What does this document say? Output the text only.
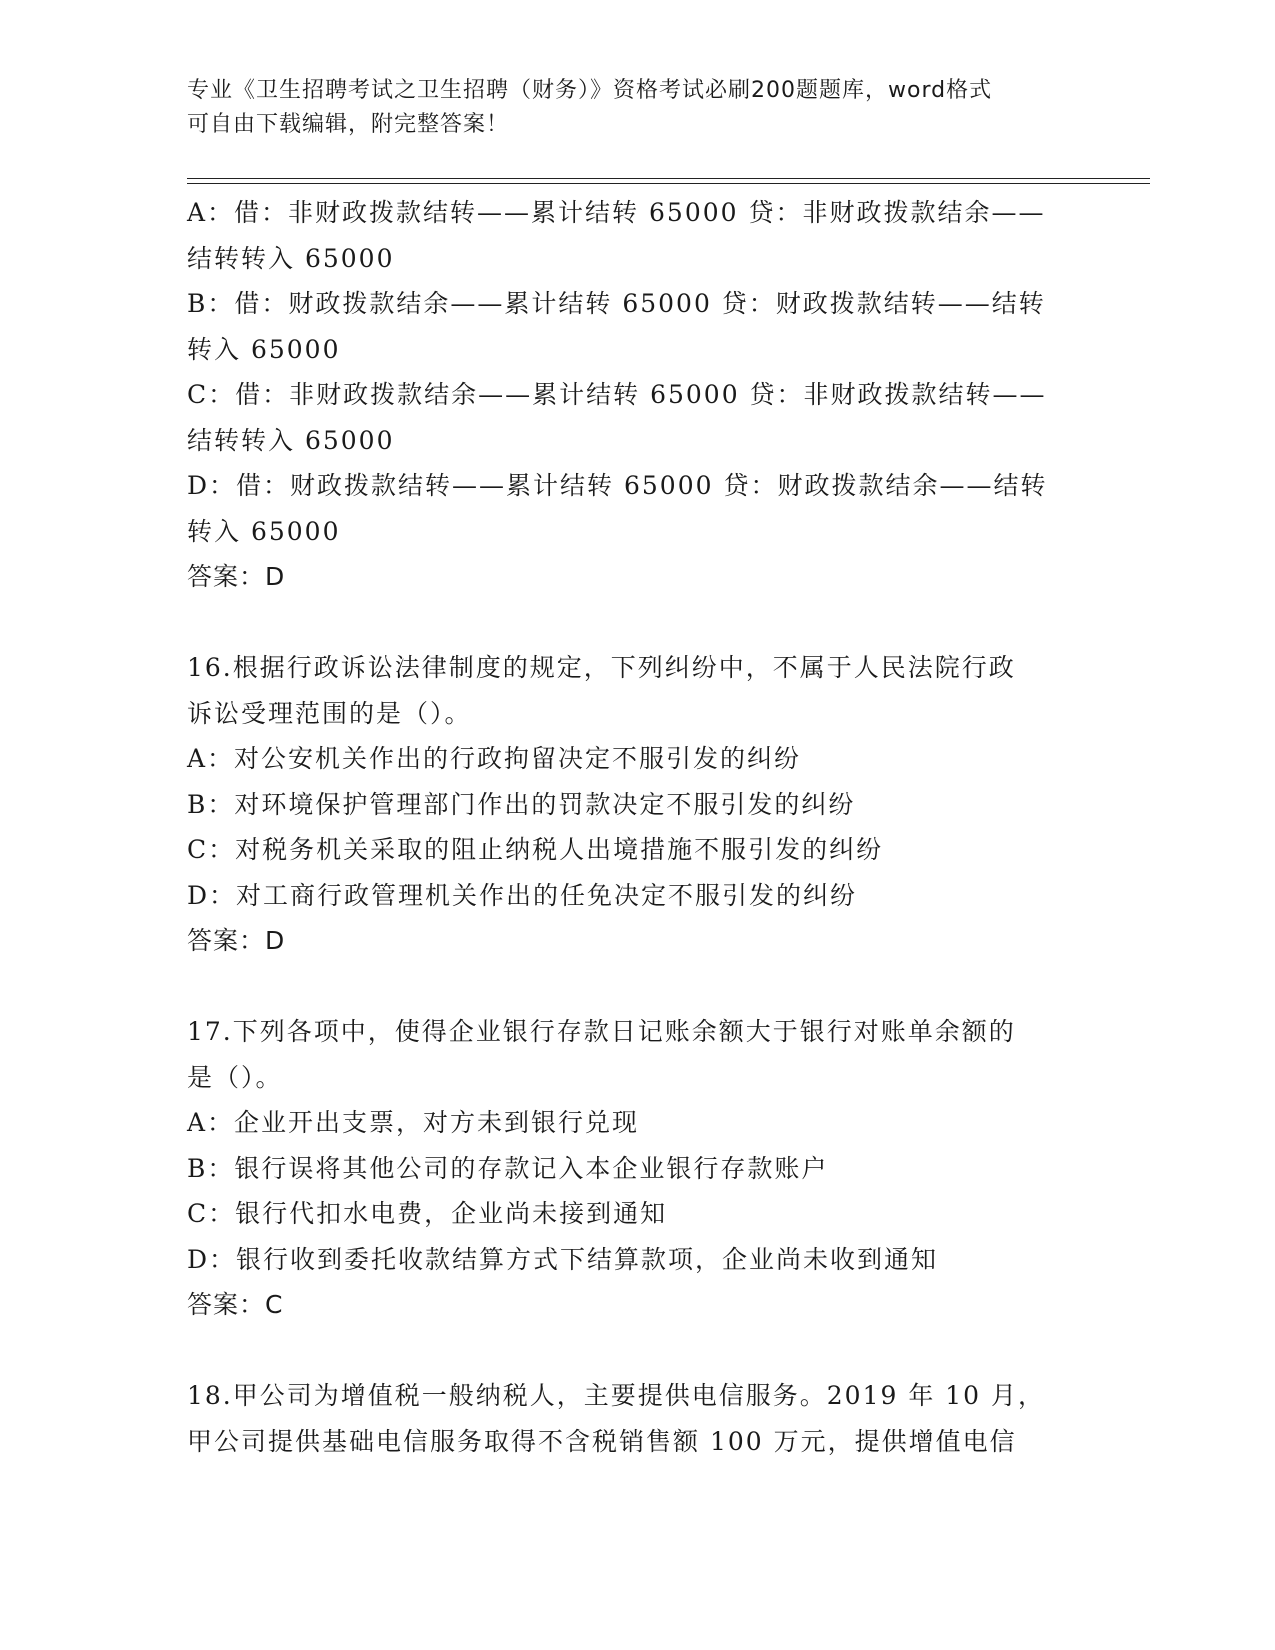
专业《卫生招聘考试之卫生招聘（财务）》资格考试必刷200题题库，word格式
可自由下载编辑，附完整答案！
A：借：非财政拨款结转——累计结转 65000 贷：非财政拨款结余——
结转转入 65000
B：借：财政拨款结余——累计结转 65000 贷：财政拨款结转——结转
转入 65000
C：借：非财政拨款结余——累计结转 65000 贷：非财政拨款结转——
结转转入 65000
D：借：财政拨款结转——累计结转 65000 贷：财政拨款结余——结转
转入 65000
答案：D
16.根据行政诉讼法律制度的规定，下列纠纷中，不属于人民法院行政
诉讼受理范围的是（）。
A：对公安机关作出的行政拘留决定不服引发的纠纷
B：对环境保护管理部门作出的罚款决定不服引发的纠纷
C：对税务机关采取的阻止纳税人出境措施不服引发的纠纷
D：对工商行政管理机关作出的任免决定不服引发的纠纷
答案：D
17.下列各项中，使得企业银行存款日记账余额大于银行对账单余额的
是（）。
A：企业开出支票，对方未到银行兑现
B：银行误将其他公司的存款记入本企业银行存款账户
C：银行代扣水电费，企业尚未接到通知
D：银行收到委托收款结算方式下结算款项，企业尚未收到通知
答案：C
18.甲公司为增值税一般纳税人，主要提供电信服务。2019 年 10 月，
甲公司提供基础电信服务取得不含税销售额 100 万元，提供增值电信
